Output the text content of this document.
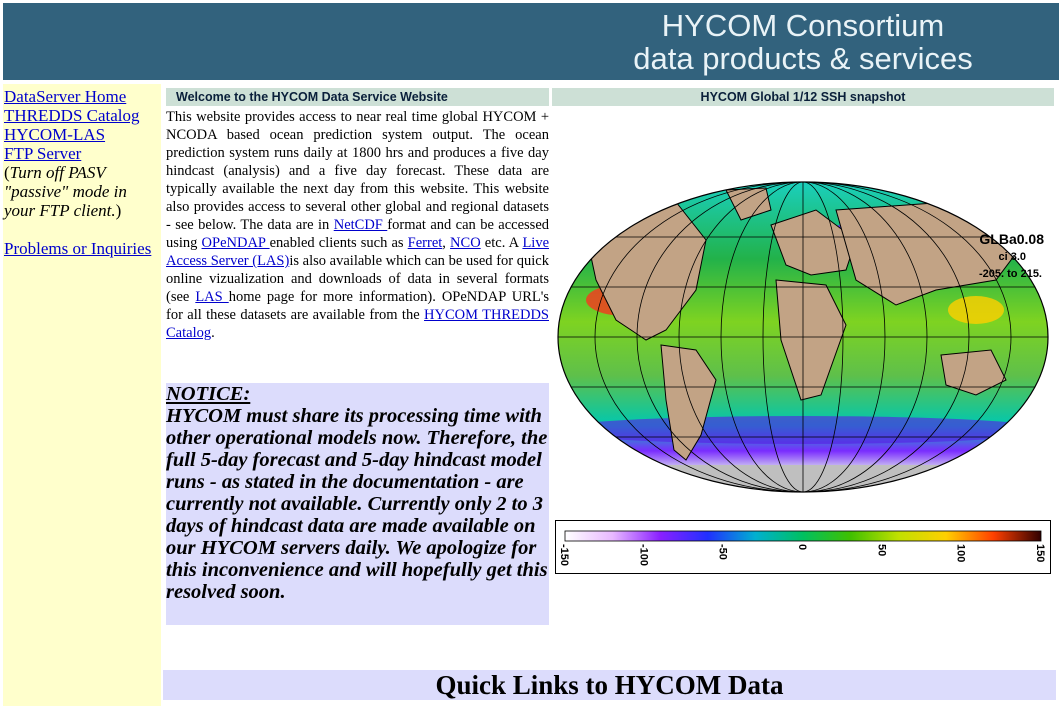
HYCOM Consortium
data products & services
DataServer Home
THREDDS Catalog
HYCOM-LAS
FTP Server
(Turn off PASV "passive" mode in your FTP client.)
Problems or Inquiries
Welcome to the HYCOM Data Service Website	HYCOM Global 1/12 SSH snapshot
This website provides access to near real time global HYCOM + NCODA based ocean prediction system output. The ocean prediction system runs daily at 1800 hrs and produces a five day hindcast (analysis) and a five day forecast. These data are typically available the next day from this website. This website also provides access to several other global and regional datasets - see below. The data are in NetCDF format and can be accessed using OPeNDAP enabled clients such as Ferret, NCO etc. A Live Access Server (LAS)is also available which can be used for quick online vizualization and downloads of data in several formats (see LAS home page for more information). OPeNDAP URL's for all these datasets are available from the HYCOM THREDDS Catalog.
NOTICE:
HYCOM must share its processing time with other operational models now. Therefore, the full 5-day forecast and 5-day hindcast model runs - as stated in the documentation - are currently not available. Currently only 2 to 3 days of hindcast data are made available on our HYCOM servers daily. We apologize for this inconvenience and will hopefully get this resolved soon.
GLBa0.08
ci 3.0
-205. to 215.
-150	-100	-50	0	50	100	150
Quick Links to HYCOM Data
